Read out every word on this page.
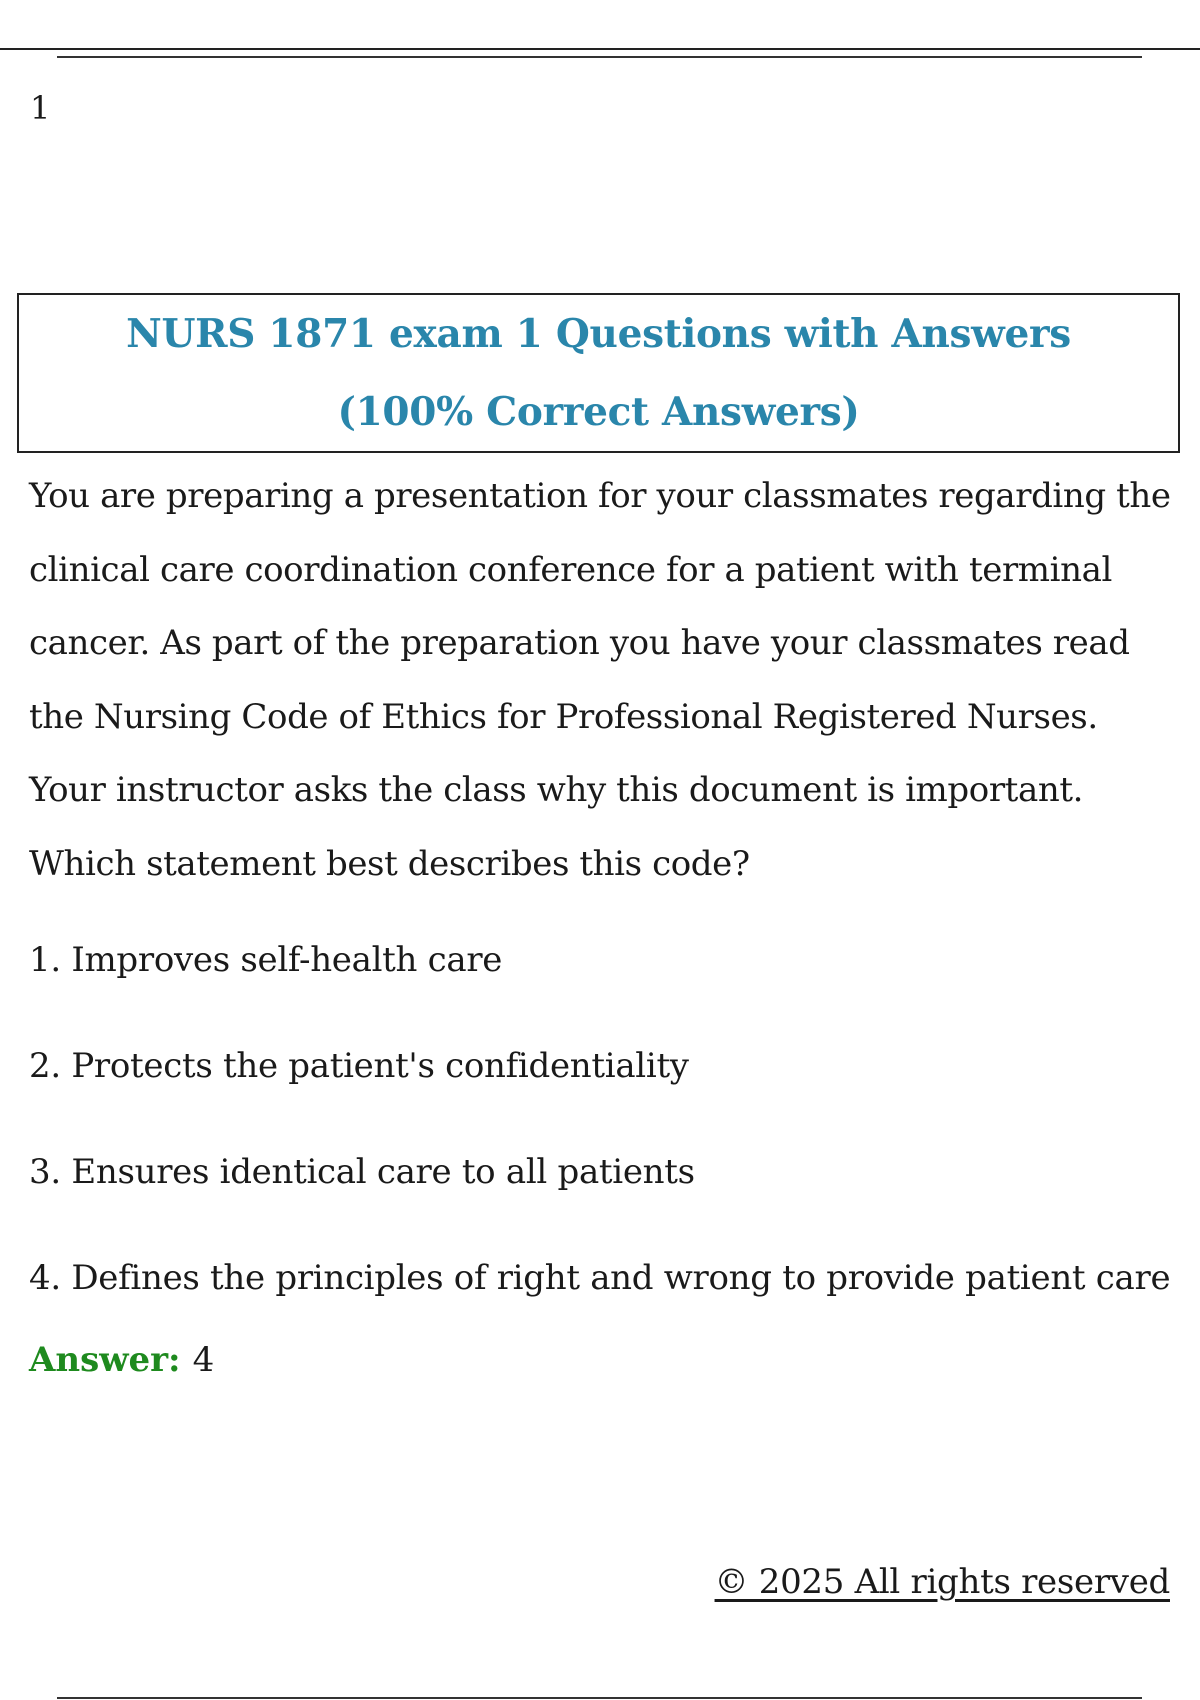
1
NURS 1871 exam 1 Questions with Answers (100% Correct Answers)
You are preparing a presentation for your classmates regarding the clinical care coordination conference for a patient with terminal cancer. As part of the preparation you have your classmates read the Nursing Code of Ethics for Professional Registered Nurses. Your instructor asks the class why this document is important. Which statement best describes this code?
1. Improves self-health care
2. Protects the patient's confidentiality
3. Ensures identical care to all patients
4. Defines the principles of right and wrong to provide patient care
Answer: 4
© 2025 All rights reserved
